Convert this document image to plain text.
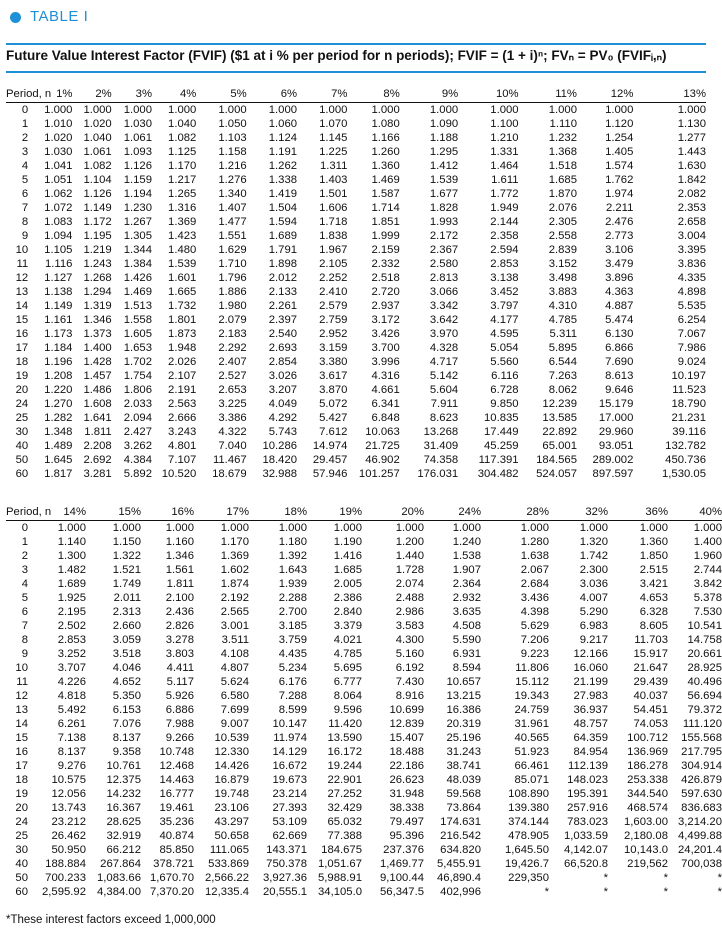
TABLE I
Future Value Interest Factor (FVIF) ($1 at i % per period for n periods); FVIF = (1 + i)ⁿ; FVₙ = PV₀ (FVIFᵢ,ₙ)
Period, n	1%	2%	3%	4%	5%	6%	7%	8%	9%	10%	11%	12%	13%
0	1.000	1.000	1.000	1.000	1.000	1.000	1.000	1.000	1.000	1.000	1.000	1.000	1.000
1	1.010	1.020	1.030	1.040	1.050	1.060	1.070	1.080	1.090	1.100	1.110	1.120	1.130
2	1.020	1.040	1.061	1.082	1.103	1.124	1.145	1.166	1.188	1.210	1.232	1.254	1.277
3	1.030	1.061	1.093	1.125	1.158	1.191	1.225	1.260	1.295	1.331	1.368	1.405	1.443
4	1.041	1.082	1.126	1.170	1.216	1.262	1.311	1.360	1.412	1.464	1.518	1.574	1.630
5	1.051	1.104	1.159	1.217	1.276	1.338	1.403	1.469	1.539	1.611	1.685	1.762	1.842
6	1.062	1.126	1.194	1.265	1.340	1.419	1.501	1.587	1.677	1.772	1.870	1.974	2.082
7	1.072	1.149	1.230	1.316	1.407	1.504	1.606	1.714	1.828	1.949	2.076	2.211	2.353
8	1.083	1.172	1.267	1.369	1.477	1.594	1.718	1.851	1.993	2.144	2.305	2.476	2.658
9	1.094	1.195	1.305	1.423	1.551	1.689	1.838	1.999	2.172	2.358	2.558	2.773	3.004
10	1.105	1.219	1.344	1.480	1.629	1.791	1.967	2.159	2.367	2.594	2.839	3.106	3.395
11	1.116	1.243	1.384	1.539	1.710	1.898	2.105	2.332	2.580	2.853	3.152	3.479	3.836
12	1.127	1.268	1.426	1.601	1.796	2.012	2.252	2.518	2.813	3.138	3.498	3.896	4.335
13	1.138	1.294	1.469	1.665	1.886	2.133	2.410	2.720	3.066	3.452	3.883	4.363	4.898
14	1.149	1.319	1.513	1.732	1.980	2.261	2.579	2.937	3.342	3.797	4.310	4.887	5.535
15	1.161	1.346	1.558	1.801	2.079	2.397	2.759	3.172	3.642	4.177	4.785	5.474	6.254
16	1.173	1.373	1.605	1.873	2.183	2.540	2.952	3.426	3.970	4.595	5.311	6.130	7.067
17	1.184	1.400	1.653	1.948	2.292	2.693	3.159	3.700	4.328	5.054	5.895	6.866	7.986
18	1.196	1.428	1.702	2.026	2.407	2.854	3.380	3.996	4.717	5.560	6.544	7.690	9.024
19	1.208	1.457	1.754	2.107	2.527	3.026	3.617	4.316	5.142	6.116	7.263	8.613	10.197
20	1.220	1.486	1.806	2.191	2.653	3.207	3.870	4.661	5.604	6.728	8.062	9.646	11.523
24	1.270	1.608	2.033	2.563	3.225	4.049	5.072	6.341	7.911	9.850	12.239	15.179	18.790
25	1.282	1.641	2.094	2.666	3.386	4.292	5.427	6.848	8.623	10.835	13.585	17.000	21.231
30	1.348	1.811	2.427	3.243	4.322	5.743	7.612	10.063	13.268	17.449	22.892	29.960	39.116
40	1.489	2.208	3.262	4.801	7.040	10.286	14.974	21.725	31.409	45.259	65.001	93.051	132.782
50	1.645	2.692	4.384	7.107	11.467	18.420	29.457	46.902	74.358	117.391	184.565	289.002	450.736
60	1.817	3.281	5.892	10.520	18.679	32.988	57.946	101.257	176.031	304.482	524.057	897.597	1,530.05
Period, n	14%	15%	16%	17%	18%	19%	20%	24%	28%	32%	36%	40%
0	1.000	1.000	1.000	1.000	1.000	1.000	1.000	1.000	1.000	1.000	1.000	1.000
1	1.140	1.150	1.160	1.170	1.180	1.190	1.200	1.240	1.280	1.320	1.360	1.400
2	1.300	1.322	1.346	1.369	1.392	1.416	1.440	1.538	1.638	1.742	1.850	1.960
3	1.482	1.521	1.561	1.602	1.643	1.685	1.728	1.907	2.067	2.300	2.515	2.744
4	1.689	1.749	1.811	1.874	1.939	2.005	2.074	2.364	2.684	3.036	3.421	3.842
5	1.925	2.011	2.100	2.192	2.288	2.386	2.488	2.932	3.436	4.007	4.653	5.378
6	2.195	2.313	2.436	2.565	2.700	2.840	2.986	3.635	4.398	5.290	6.328	7.530
7	2.502	2.660	2.826	3.001	3.185	3.379	3.583	4.508	5.629	6.983	8.605	10.541
8	2.853	3.059	3.278	3.511	3.759	4.021	4.300	5.590	7.206	9.217	11.703	14.758
9	3.252	3.518	3.803	4.108	4.435	4.785	5.160	6.931	9.223	12.166	15.917	20.661
10	3.707	4.046	4.411	4.807	5.234	5.695	6.192	8.594	11.806	16.060	21.647	28.925
11	4.226	4.652	5.117	5.624	6.176	6.777	7.430	10.657	15.112	21.199	29.439	40.496
12	4.818	5.350	5.926	6.580	7.288	8.064	8.916	13.215	19.343	27.983	40.037	56.694
13	5.492	6.153	6.886	7.699	8.599	9.596	10.699	16.386	24.759	36.937	54.451	79.372
14	6.261	7.076	7.988	9.007	10.147	11.420	12.839	20.319	31.961	48.757	74.053	111.120
15	7.138	8.137	9.266	10.539	11.974	13.590	15.407	25.196	40.565	64.359	100.712	155.568
16	8.137	9.358	10.748	12.330	14.129	16.172	18.488	31.243	51.923	84.954	136.969	217.795
17	9.276	10.761	12.468	14.426	16.672	19.244	22.186	38.741	66.461	112.139	186.278	304.914
18	10.575	12.375	14.463	16.879	19.673	22.901	26.623	48.039	85.071	148.023	253.338	426.879
19	12.056	14.232	16.777	19.748	23.214	27.252	31.948	59.568	108.890	195.391	344.540	597.630
20	13.743	16.367	19.461	23.106	27.393	32.429	38.338	73.864	139.380	257.916	468.574	836.683
24	23.212	28.625	35.236	43.297	53.109	65.032	79.497	174.631	374.144	783.023	1,603.00	3,214.20
25	26.462	32.919	40.874	50.658	62.669	77.388	95.396	216.542	478.905	1,033.59	2,180.08	4,499.88
30	50.950	66.212	85.850	111.065	143.371	184.675	237.376	634.820	1,645.50	4,142.07	10,143.0	24,201.4
40	188.884	267.864	378.721	533.869	750.378	1,051.67	1,469.77	5,455.91	19,426.7	66,520.8	219,562	700,038
50	700.233	1,083.66	1,670.70	2,566.22	3,927.36	5,988.91	9,100.44	46,890.4	229,350	*	*	*
60	2,595.92	4,384.00	7,370.20	12,335.4	20,555.1	34,105.0	56,347.5	402,996	*	*	*	*
*These interest factors exceed 1,000,000
